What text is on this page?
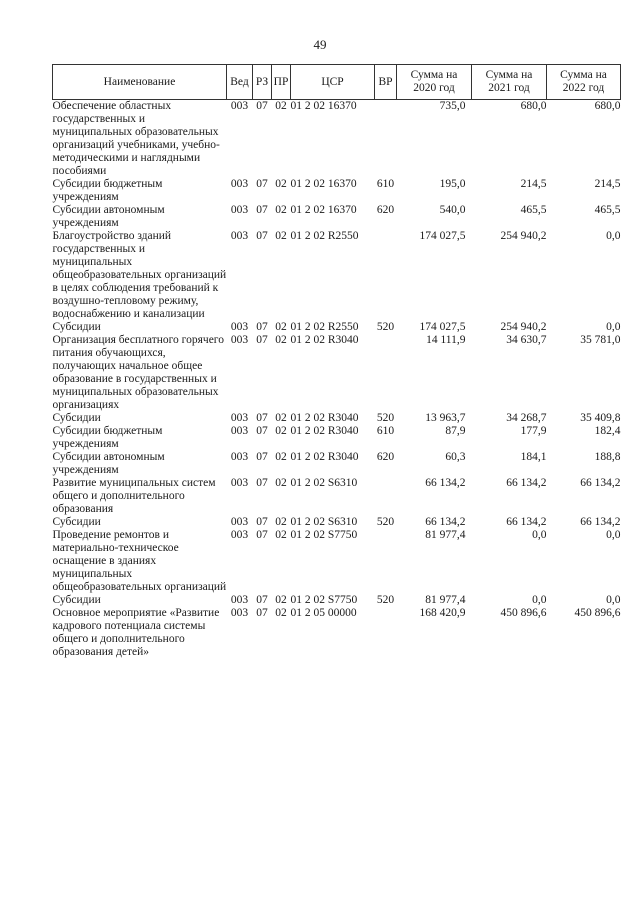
49
Наименование	Вед	РЗ	ПР	ЦСР	ВР	Сумма на 2020 год	Сумма на 2021 год	Сумма на 2022 год
Обеспечение областных государственных и муниципальных образовательных организаций учебниками, учебно-методическими и наглядными пособиями	003	07	02	01 2 02 16370		735,0	680,0	680,0
Субсидии бюджетным учреждениям	003	07	02	01 2 02 16370	610	195,0	214,5	214,5
Субсидии автономным учреждениям	003	07	02	01 2 02 16370	620	540,0	465,5	465,5
Благоустройство зданий государственных и муниципальных общеобразовательных организаций в целях соблюдения требований к воздушно-тепловому режиму, водоснабжению и канализации	003	07	02	01 2 02 R2550		174 027,5	254 940,2	0,0
Субсидии	003	07	02	01 2 02 R2550	520	174 027,5	254 940,2	0,0
Организация бесплатного горячего питания обучающихся, получающих начальное общее образование в государственных и муниципальных образовательных организациях	003	07	02	01 2 02 R3040		14 111,9	34 630,7	35 781,0
Субсидии	003	07	02	01 2 02 R3040	520	13 963,7	34 268,7	35 409,8
Субсидии бюджетным учреждениям	003	07	02	01 2 02 R3040	610	87,9	177,9	182,4
Субсидии автономным учреждениям	003	07	02	01 2 02 R3040	620	60,3	184,1	188,8
Развитие муниципальных систем общего и дополнительного образования	003	07	02	01 2 02 S6310		66 134,2	66 134,2	66 134,2
Субсидии	003	07	02	01 2 02 S6310	520	66 134,2	66 134,2	66 134,2
Проведение ремонтов и материально-техническое оснащение в зданиях муниципальных общеобразовательных организаций	003	07	02	01 2 02 S7750		81 977,4	0,0	0,0
Субсидии	003	07	02	01 2 02 S7750	520	81 977,4	0,0	0,0
Основное мероприятие «Развитие кадрового потенциала системы общего и дополнительного образования детей»	003	07	02	01 2 05 00000		168 420,9	450 896,6	450 896,6
